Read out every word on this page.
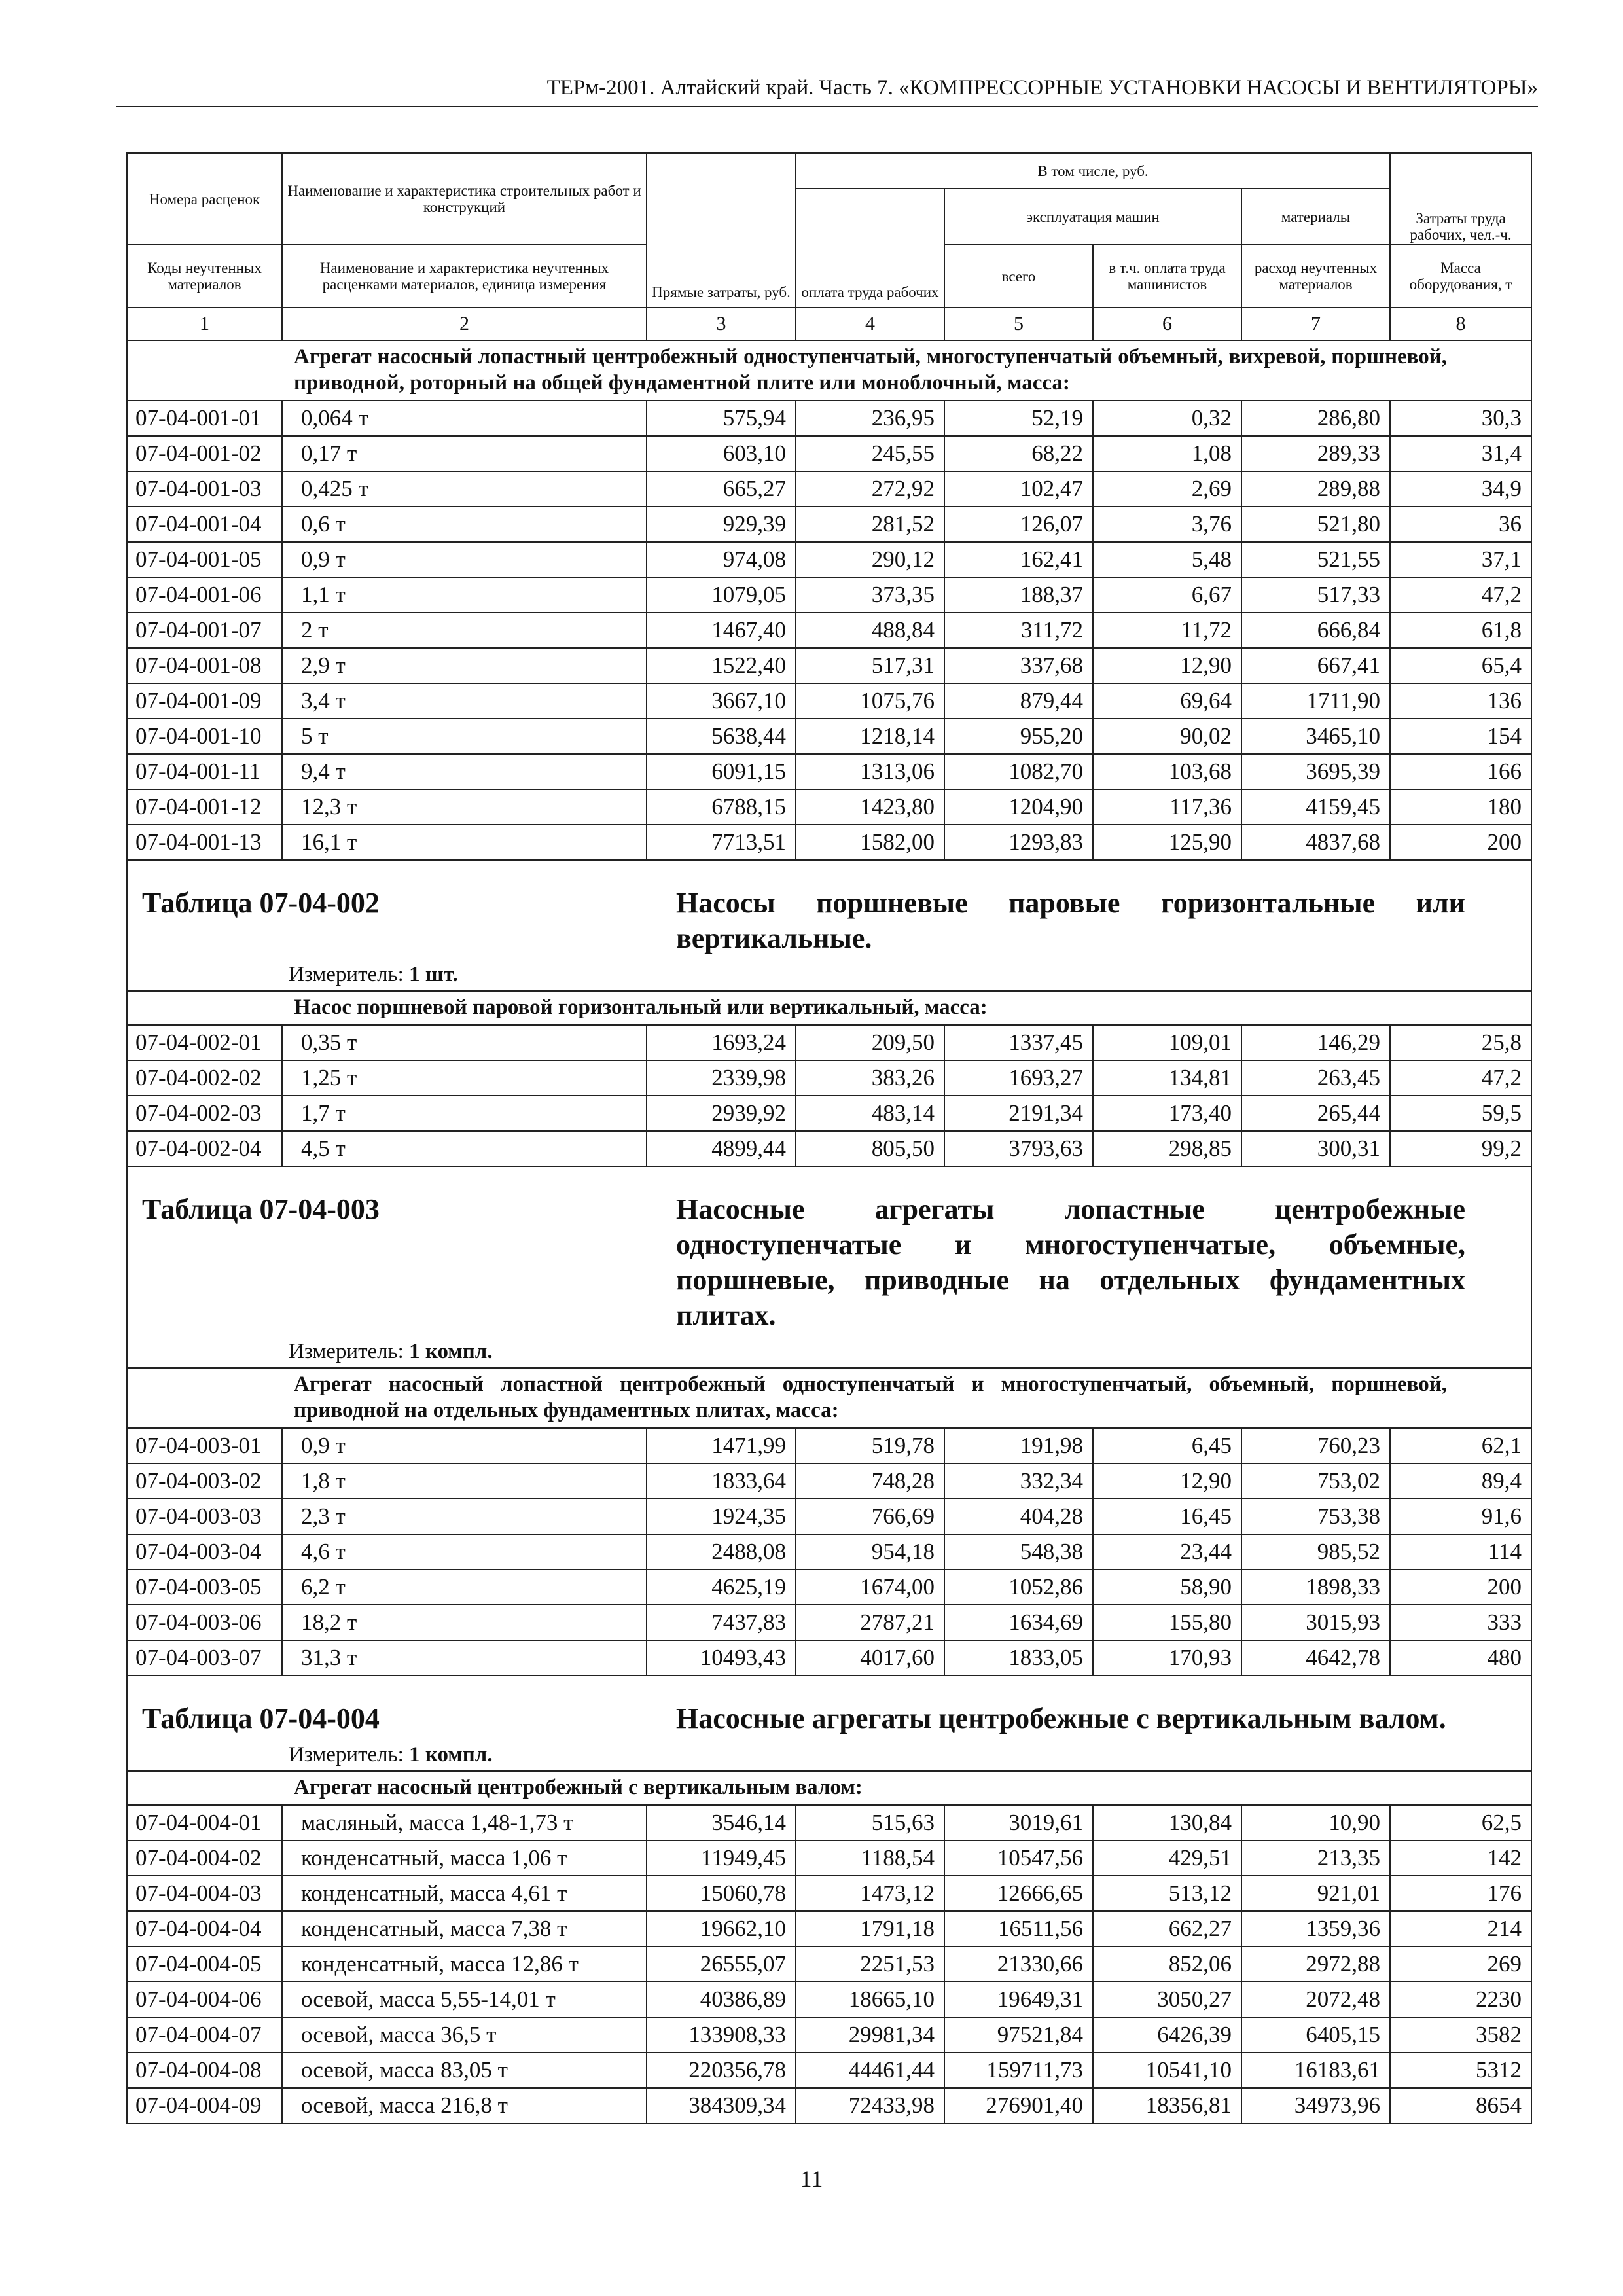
ТЕРм-2001. Алтайский край. Часть 7. «КОМПРЕССОРНЫЕ УСТАНОВКИ НАСОСЫ И ВЕНТИЛЯТОРЫ»
Номера расценок	Наименование и характеристика строительных работ и конструкций	Прямые затраты, руб.	В том числе, руб.				Затраты труда рабочих, чел.-ч.
			оплата труда рабочих	эксплуатация машин		материалы	
Коды неучтенных материалов	Наименование и характеристика неучтенных расценками материалов, единица измерения			всего	в т.ч. оплата труда машинистов	расход неучтенных материалов	Масса оборудования, т
1	2	3	4	5	6	7	8

Агрегат насосный лопастный центробежный одноступенчатый, многоступенчатый объемный, вихревой, поршневой, приводной, роторный на общей фундаментной плите или моноблочный, масса:							

07-04-001-01	0,064 т	575,94	236,95	52,19	0,32	286,80	30,3
07-04-001-02	0,17 т	603,10	245,55	68,22	1,08	289,33	31,4
07-04-001-03	0,425 т	665,27	272,92	102,47	2,69	289,88	34,9
07-04-001-04	0,6 т	929,39	281,52	126,07	3,76	521,80	36
07-04-001-05	0,9 т	974,08	290,12	162,41	5,48	521,55	37,1
07-04-001-06	1,1 т	1079,05	373,35	188,37	6,67	517,33	47,2
07-04-001-07	2 т	1467,40	488,84	311,72	11,72	666,84	61,8
07-04-001-08	2,9 т	1522,40	517,31	337,68	12,90	667,41	65,4
07-04-001-09	3,4 т	3667,10	1075,76	879,44	69,64	1711,90	136
07-04-001-10	5 т	5638,44	1218,14	955,20	90,02	3465,10	154
07-04-001-11	9,4 т	6091,15	1313,06	1082,70	103,68	3695,39	166
07-04-001-12	12,3 т	6788,15	1423,80	1204,90	117,36	4159,45	180
07-04-001-13	16,1 т	7713,51	1582,00	1293,83	125,90	4837,68	200

Таблица 07-04-002 Насосы поршневые паровые горизонтальные или вертикальные.
Измеритель: 1 шт.							

Насос поршневой паровой горизонтальный или вертикальный, масса:							

07-04-002-01	0,35 т	1693,24	209,50	1337,45	109,01	146,29	25,8
07-04-002-02	1,25 т	2339,98	383,26	1693,27	134,81	263,45	47,2
07-04-002-03	1,7 т	2939,92	483,14	2191,34	173,40	265,44	59,5
07-04-002-04	4,5 т	4899,44	805,50	3793,63	298,85	300,31	99,2

Таблица 07-04-003 Насосные агрегаты лопастные центробежные одноступенчатые и многоступенчатые, объемные, поршневые, приводные на отдельных фундаментных плитах.
Измеритель: 1 компл.							

Агрегат насосный лопастной центробежный одноступенчатый и многоступенчатый, объемный, поршневой, приводной на отдельных фундаментных плитах, масса:							

07-04-003-01	0,9 т	1471,99	519,78	191,98	6,45	760,23	62,1
07-04-003-02	1,8 т	1833,64	748,28	332,34	12,90	753,02	89,4
07-04-003-03	2,3 т	1924,35	766,69	404,28	16,45	753,38	91,6
07-04-003-04	4,6 т	2488,08	954,18	548,38	23,44	985,52	114
07-04-003-05	6,2 т	4625,19	1674,00	1052,86	58,90	1898,33	200
07-04-003-06	18,2 т	7437,83	2787,21	1634,69	155,80	3015,93	333
07-04-003-07	31,3 т	10493,43	4017,60	1833,05	170,93	4642,78	480

Таблица 07-04-004 Насосные агрегаты центробежные с вертикальным валом.
Измеритель: 1 компл.							

Агрегат насосный центробежный с вертикальным валом:							

07-04-004-01	масляный, масса 1,48-1,73 т	3546,14	515,63	3019,61	130,84	10,90	62,5
07-04-004-02	конденсатный, масса 1,06 т	11949,45	1188,54	10547,56	429,51	213,35	142
07-04-004-03	конденсатный, масса 4,61 т	15060,78	1473,12	12666,65	513,12	921,01	176
07-04-004-04	конденсатный, масса 7,38 т	19662,10	1791,18	16511,56	662,27	1359,36	214
07-04-004-05	конденсатный, масса 12,86 т	26555,07	2251,53	21330,66	852,06	2972,88	269
07-04-004-06	осевой, масса 5,55-14,01 т	40386,89	18665,10	19649,31	3050,27	2072,48	2230
07-04-004-07	осевой, масса 36,5 т	133908,33	29981,34	97521,84	6426,39	6405,15	3582
07-04-004-08	осевой, масса 83,05 т	220356,78	44461,44	159711,73	10541,10	16183,61	5312
07-04-004-09	осевой, масса 216,8 т	384309,34	72433,98	276901,40	18356,81	34973,96	8654
11
